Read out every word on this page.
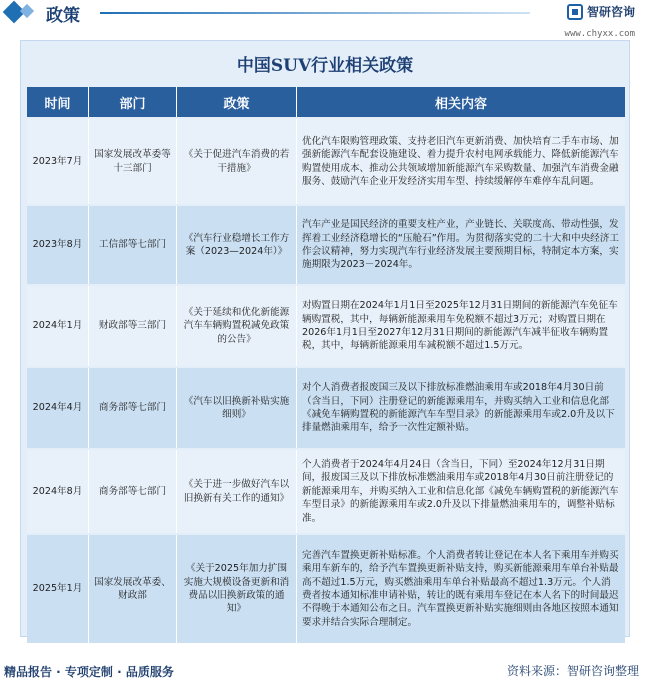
政策	智研咨询
www.chyxx.com
中国SUV行业相关政策
时间	部门	政策	相关内容
2023年7月	国家发展改革委等十三部门	《关于促进汽车消费的若干措施》	优化汽车限购管理政策、支持老旧汽车更新消费、加快培育二手车市场、加强新能源汽车配套设施建设、着力提升农村电网承载能力、降低新能源汽车购置使用成本、推动公共领域增加新能源汽车采购数量、加强汽车消费金融服务、鼓励汽车企业开发经济实用车型、持续缓解停车难停车乱问题。
2023年8月	工信部等七部门	《汽车行业稳增长工作方案（2023—2024年）》	汽车产业是国民经济的重要支柱产业，产业链长、关联度高、带动性强，发挥着工业经济稳增长的“压舱石”作用。为贯彻落实党的二十大和中央经济工作会议精神，努力实现汽车行业经济发展主要预期目标，特制定本方案，实施期限为2023－2024年。
2024年1月	财政部等三部门	《关于延续和优化新能源汽车车辆购置税减免政策的公告》	对购置日期在2024年1月1日至2025年12月31日期间的新能源汽车免征车辆购置税，其中，每辆新能源乘用车免税额不超过3万元；对购置日期在2026年1月1日至2027年12月31日期间的新能源汽车减半征收车辆购置税，其中，每辆新能源乘用车减税额不超过1.5万元。
2024年4月	商务部等七部门	《汽车以旧换新补贴实施细则》	对个人消费者报废国三及以下排放标准燃油乘用车或2018年4月30日前（含当日，下同）注册登记的新能源乘用车，并购买纳入工业和信息化部《减免车辆购置税的新能源汽车车型目录》的新能源乘用车或2.0升及以下排量燃油乘用车，给予一次性定额补贴。
2024年8月	商务部等七部门	《关于进一步做好汽车以旧换新有关工作的通知》	个人消费者于2024年4月24日（含当日，下同）至2024年12月31日期间，报废国三及以下排放标准燃油乘用车或2018年4月30日前注册登记的新能源乘用车，并购买纳入工业和信息化部《减免车辆购置税的新能源汽车车型目录》的新能源乘用车或2.0升及以下排量燃油乘用车的，调整补贴标准。
2025年1月	国家发展改革委、财政部	《关于2025年加力扩围实施大规模设备更新和消费品以旧换新政策的通知》	完善汽车置换更新补贴标准。个人消费者转让登记在本人名下乘用车并购买乘用车新车的，给予汽车置换更新补贴支持，购买新能源乘用车单台补贴最高不超过1.5万元，购买燃油乘用车单台补贴最高不超过1.3万元。个人消费者按本通知标准申请补贴，转让的既有乘用车登记在本人名下的时间最迟不得晚于本通知公布之日。汽车置换更新补贴实施细则由各地区按照本通知要求并结合实际合理制定。
精品报告 · 专项定制 · 品质服务	资料来源：智研咨询整理
